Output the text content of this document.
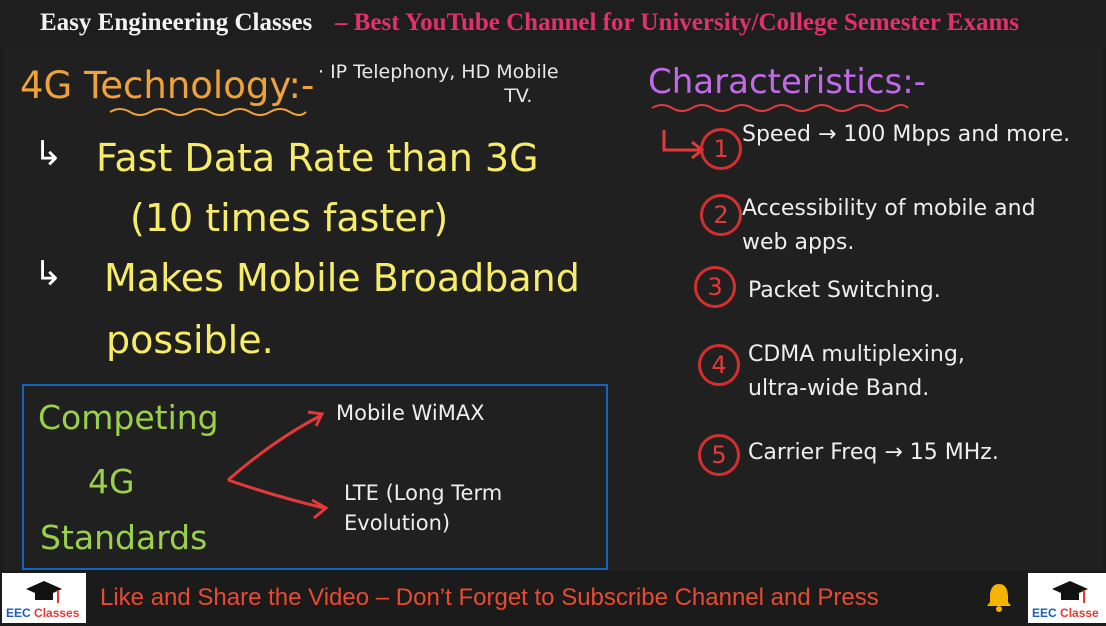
Easy Engineering Classes – Best YouTube Channel for University/College Semester Exams
4G Technology:- · IP Telephony, HD Mobile
TV.
↳ Fast Data Rate than 3G
(10 times faster)
↳ Makes Mobile Broadband
possible.
Characteristics:-
1
Speed → 100 Mbps and more.
2 Accessibility of mobile and
web apps.
3	Packet Switching.
4 CDMA multiplexing,
ultra-wide Band.
5 Carrier Freq → 15 MHz.
Competing
4G
Standards
Mobile WiMAX
LTE (Long Term
Evolution)
EEC Classes
Like and Share the Video – Don’t Forget to Subscribe Channel and Press
EEC Classe
